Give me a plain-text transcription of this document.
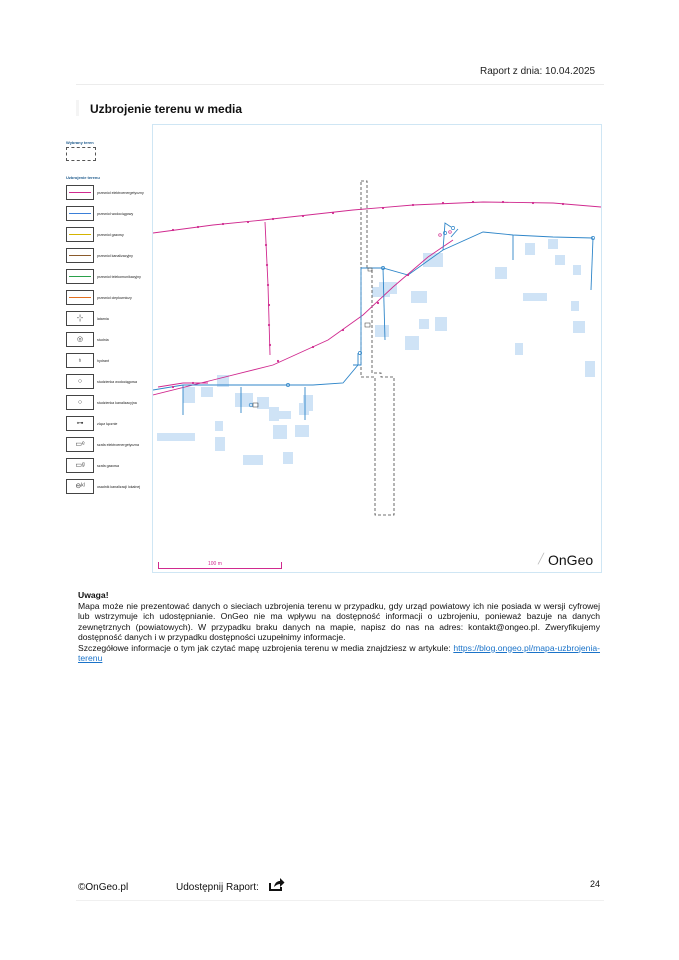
Raport z dnia: 10.04.2025
Uzbrojenie terenu w media
Wybrany teren
Uzbrojenie terenu
przewód elektroenergetyczny
przewód wodociągowy
przewód gazowy
przewód kanalizacyjny
przewód telekomunikacyjny
przewód ciepłowniczy
-¦-	latarnia
◎	studnia
♁	hydrant
○	studzienka wodociągowa
○	studzienka kanalizacyjna
⊶	zlącz łącznie
▭ᵉ	szafa elektroenergetyczna
▭ᵍ	szafa gazowa
⊖ᵏˡ	osadnik kanalizacji lokalnej
100 m	╱ OnGeo

Uwaga!

Mapa może nie prezentować danych o sieciach uzbrojenia terenu w przypadku, gdy urząd powiatowy ich nie posiada w wersji cyfrowej lub wstrzymuje ich udostępnianie. OnGeo nie ma wpływu na dostępność informacji o uzbrojeniu, ponieważ bazuje na danych zewnętrznych (powiatowych). W przypadku braku danych na mapie, napisz do nas na adres: kontakt@ongeo.pl. Zweryfikujemy dostępność danych i w przypadku dostępności uzupełnimy informacje.

Szczegółowe informacje o tym jak czytać mapę uzbrojenia terenu w media znajdziesz w artykule: https://blog.ongeo.pl/mapa-uzbrojenia-terenu

©OnGeo.pl	Udostępnij Raport:	24
